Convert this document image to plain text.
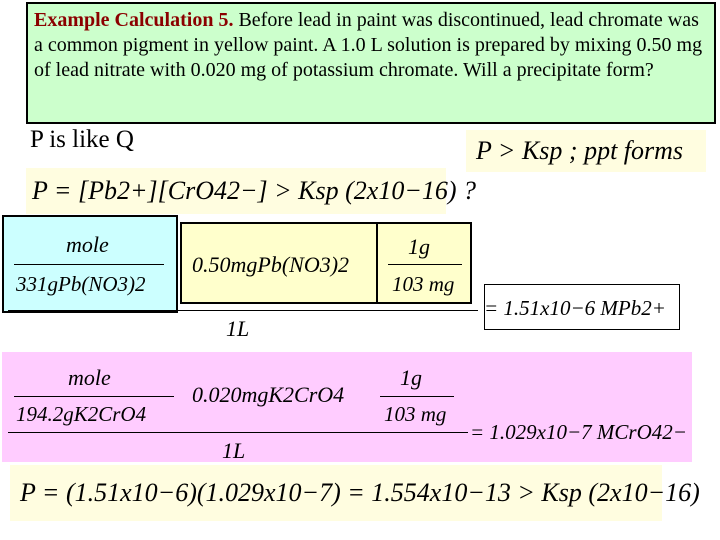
Example Calculation 5. Before lead in paint was discontinued, lead chromate was a common pigment in yellow paint. A 1.0 L solution is prepared by mixing 0.50 mg of lead nitrate with 0.020 mg of potassium chromate. Will a precipitate form?
P is like Q	P > Ksp ; ppt forms
P = [Pb2+][CrO42−] > Ksp (2x10−16) ?
mole
331gPb(NO3)2
0.50mgPb(NO3)2
1g
103 mg
1L
= 1.51x10−6 MPb2+
mole
194.2gK2CrO4
0.020mgK2CrO4
1g
103 mg
1L
= 1.029x10−7 MCrO42−
P = (1.51x10−6)(1.029x10−7) = 1.554x10−13 > Ksp (2x10−16)
